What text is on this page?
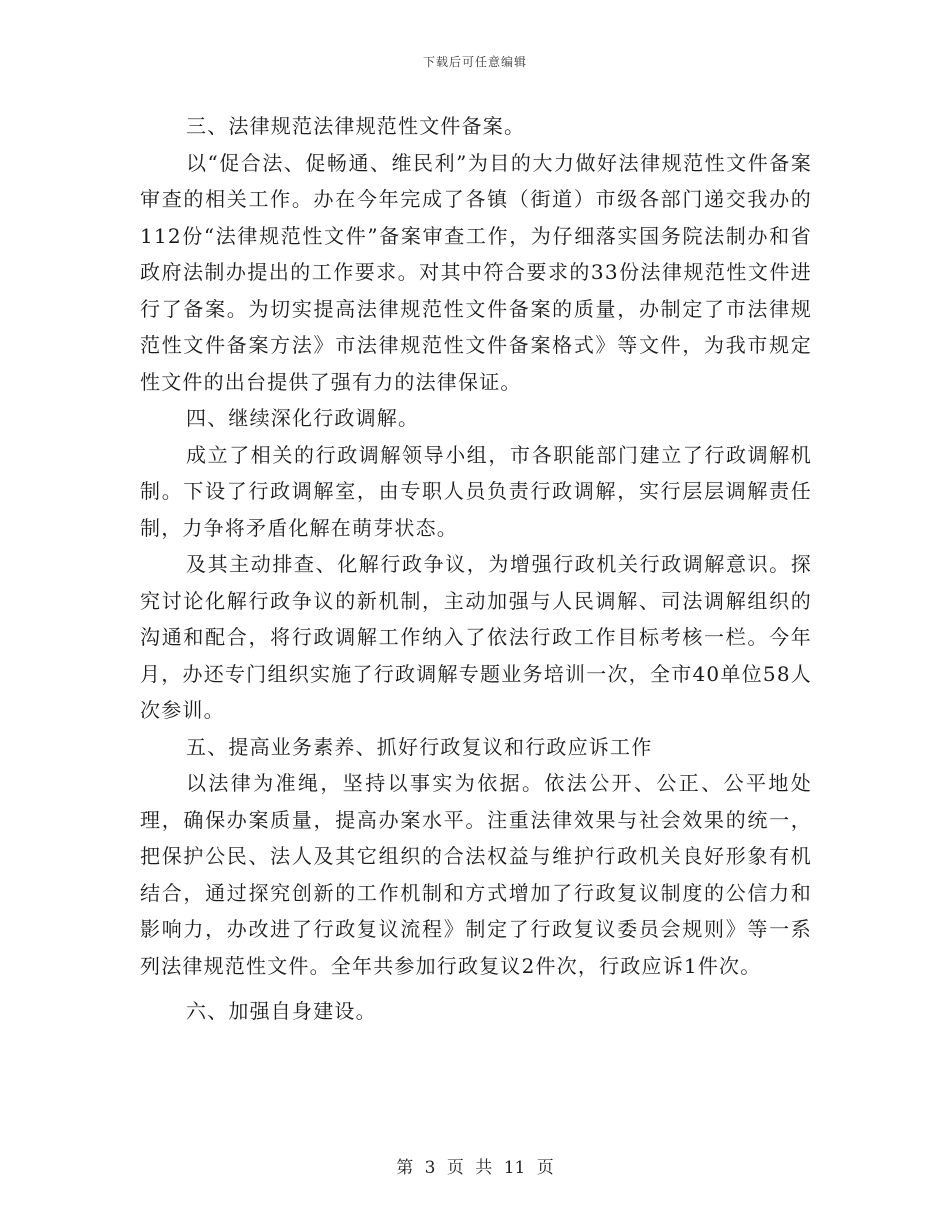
下载后可任意编辑

三、法律规范法律规范性文件备案。

以“促合法、促畅通、维民利”为目的大力做好法律规范性文件备案审查的相关工作。办在今年完成了各镇（街道）市级各部门递交我办的112份“法律规范性文件”备案审查工作，为仔细落实国务院法制办和省政府法制办提出的工作要求。对其中符合要求的33份法律规范性文件进行了备案。为切实提高法律规范性文件备案的质量，办制定了市法律规范性文件备案方法》市法律规范性文件备案格式》等文件，为我市规定性文件的出台提供了强有力的法律保证。

四、继续深化行政调解。

成立了相关的行政调解领导小组，市各职能部门建立了行政调解机制。下设了行政调解室，由专职人员负责行政调解，实行层层调解责任制，力争将矛盾化解在萌芽状态。

及其主动排查、化解行政争议，为增强行政机关行政调解意识。探究讨论化解行政争议的新机制，主动加强与人民调解、司法调解组织的沟通和配合，将行政调解工作纳入了依法行政工作目标考核一栏。今年月，办还专门组织实施了行政调解专题业务培训一次，全市40单位58人次参训。

五、提高业务素养、抓好行政复议和行政应诉工作

以法律为准绳，坚持以事实为依据。依法公开、公正、公平地处理，确保办案质量，提高办案水平。注重法律效果与社会效果的统一，把保护公民、法人及其它组织的合法权益与维护行政机关良好形象有机结合，通过探究创新的工作机制和方式增加了行政复议制度的公信力和影响力，办改进了行政复议流程》制定了行政复议委员会规则》等一系列法律规范性文件。全年共参加行政复议2件次，行政应诉1件次。

六、加强自身建设。

第 3 页 共 11 页
